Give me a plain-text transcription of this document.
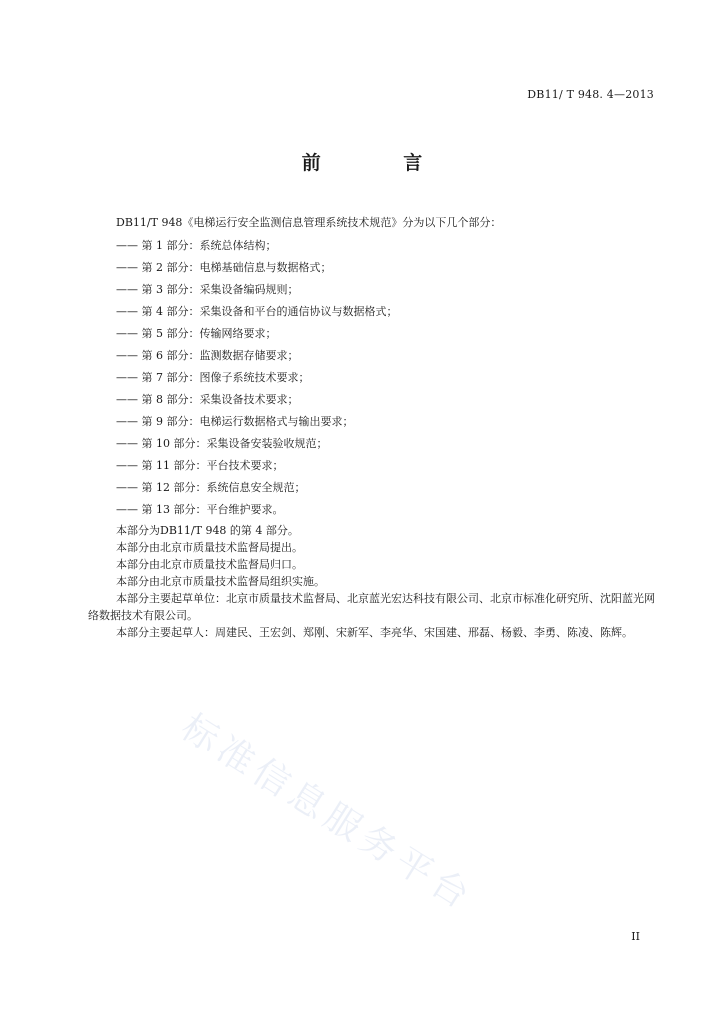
DB11/ T 948. 4—2013
前 言
DB11/T 948《电梯运行安全监测信息管理系统技术规范》分为以下几个部分：
—— 第 1 部分：系统总体结构；
—— 第 2 部分：电梯基础信息与数据格式；
—— 第 3 部分：采集设备编码规则；
—— 第 4 部分：采集设备和平台的通信协议与数据格式；
—— 第 5 部分：传输网络要求；
—— 第 6 部分：监测数据存储要求；
—— 第 7 部分：图像子系统技术要求；
—— 第 8 部分：采集设备技术要求；
—— 第 9 部分：电梯运行数据格式与输出要求；
—— 第 10 部分：采集设备安装验收规范；
—— 第 11 部分：平台技术要求；
—— 第 12 部分：系统信息安全规范；
—— 第 13 部分：平台维护要求。

本部分为DB11/T 948 的第 4 部分。

本部分由北京市质量技术监督局提出。

本部分由北京市质量技术监督局归口。

本部分由北京市质量技术监督局组织实施。

本部分主要起草单位：北京市质量技术监督局、北京蓝光宏达科技有限公司、北京市标准化研究所、沈阳蓝光网络数据技术有限公司。

本部分主要起草人：周建民、王宏剑、郑刚、宋新军、李亮华、宋国建、邢磊、杨毅、李勇、陈凌、陈辉。

标准信息服务平台
II
